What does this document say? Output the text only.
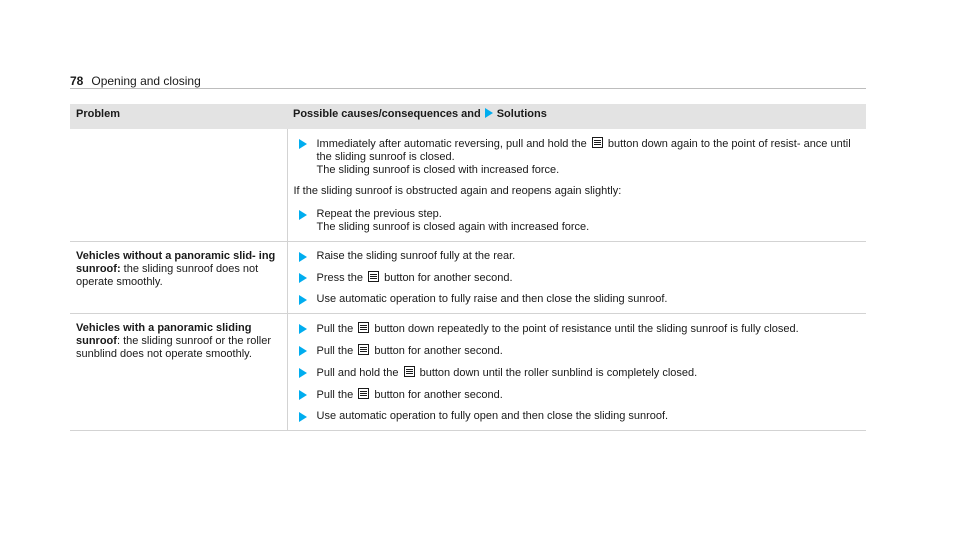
78 Opening and closing
Problem	Possible causes/consequences and Solutions

	Immediately after automatic reversing, pull and hold the button down again to the point of resist- ance until the sliding sunroof is closed.
The sliding sunroof is closed with increased force.
If the sliding sunroof is obstructed again and reopens again slightly:
Repeat the previous step.
The sliding sunroof is closed again with increased force.

Vehicles without a panoramic slid- ing sunroof: the sliding sunroof does not operate smoothly.	Raise the sliding sunroof fully at the rear.
Press the button for another second.
Use automatic operation to fully raise and then close the sliding sunroof.

Vehicles with a panoramic sliding sunroof: the sliding sunroof or the roller sunblind does not operate smoothly.	Pull the button down repeatedly to the point of resistance until the sliding sunroof is fully closed.
Pull the button for another second.
Pull and hold the button down until the roller sunblind is completely closed.
Pull the button for another second.
Use automatic operation to fully open and then close the sliding sunroof.
